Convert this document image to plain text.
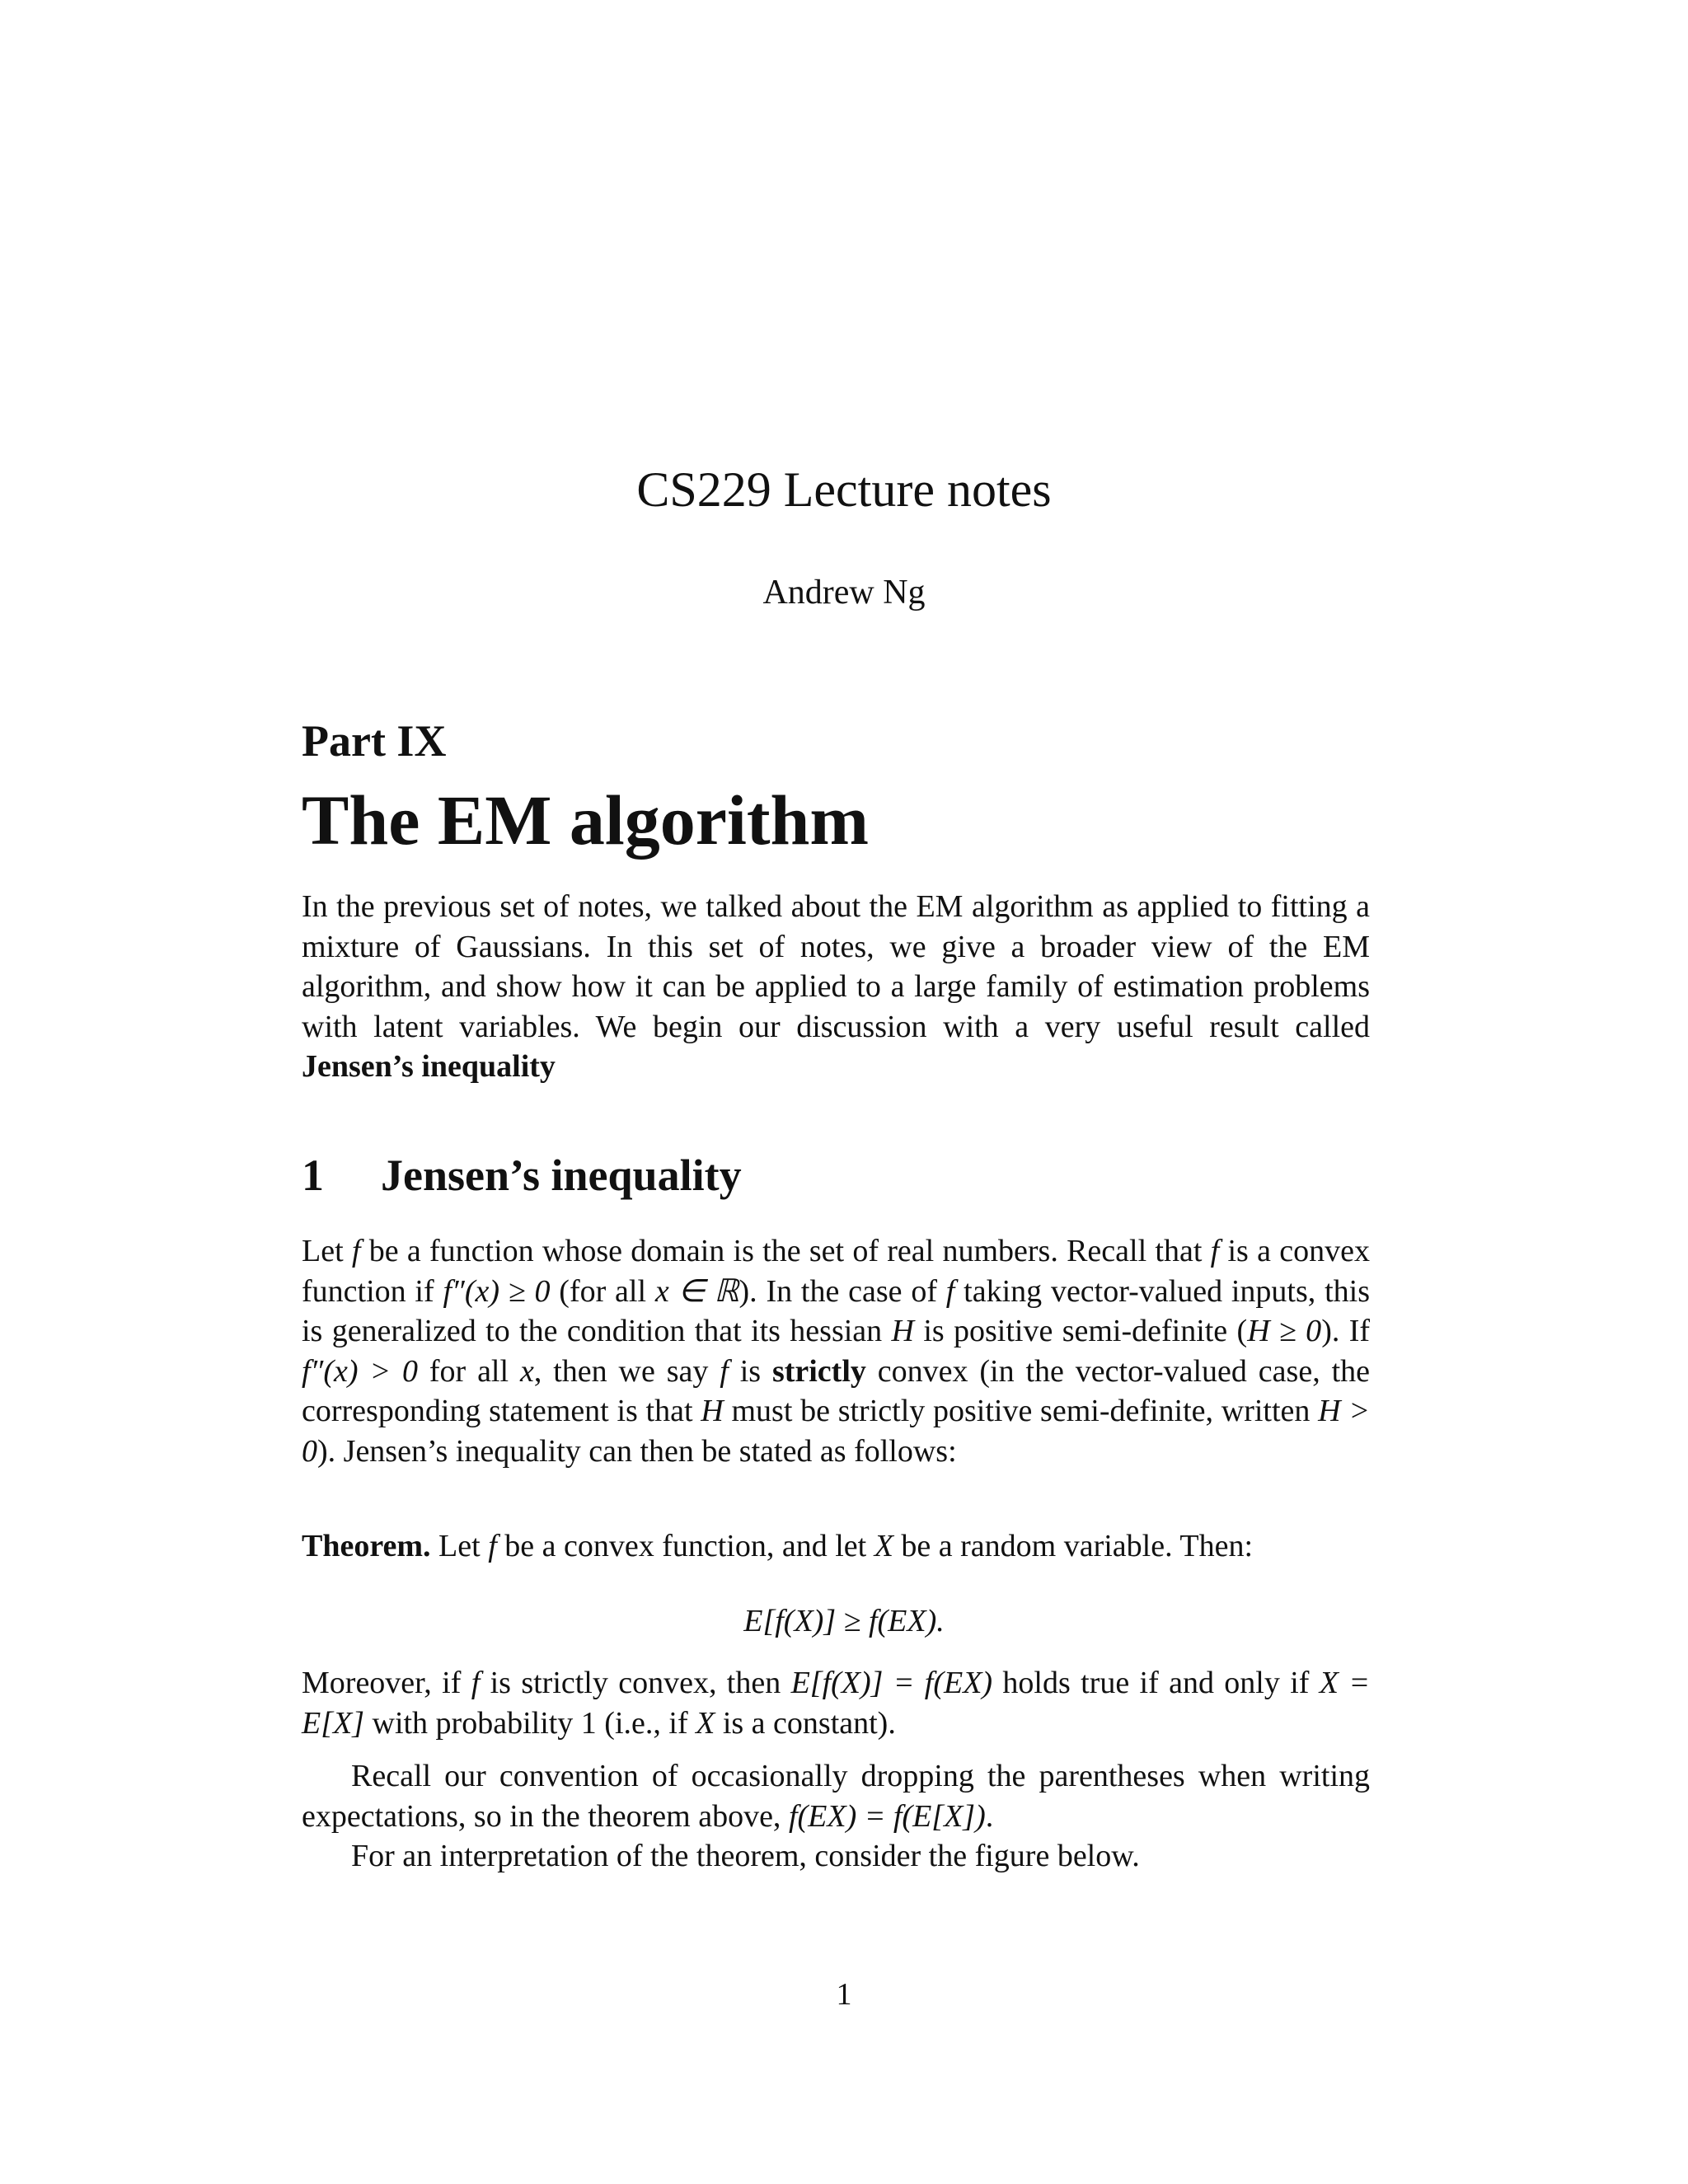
CS229 Lecture notes
Andrew Ng
Part IX
The EM algorithm

In the previous set of notes, we talked about the EM algorithm as applied to fitting a mixture of Gaussians. In this set of notes, we give a broader view of the EM algorithm, and show how it can be applied to a large family of estimation problems with latent variables. We begin our discussion with a very useful result called Jensen’s inequality

1	Jensen’s inequality

Let f be a function whose domain is the set of real numbers. Recall that f is a convex function if f″(x) ≥ 0 (for all x ∈ ℝ). In the case of f taking vector-valued inputs, this is generalized to the condition that its hessian H is positive semi-definite (H ≥ 0). If f″(x) > 0 for all x, then we say f is strictly convex (in the vector-valued case, the corresponding statement is that H must be strictly positive semi-definite, written H > 0). Jensen’s inequality can then be stated as follows:

Theorem. Let f be a convex function, and let X be a random variable. Then:

E[f(X)] ≥ f(EX).

Moreover, if f is strictly convex, then E[f(X)] = f(EX) holds true if and only if X = E[X] with probability 1 (i.e., if X is a constant).

Recall our convention of occasionally dropping the parentheses when writing expectations, so in the theorem above, f(EX) = f(E[X]).

For an interpretation of the theorem, consider the figure below.

1
